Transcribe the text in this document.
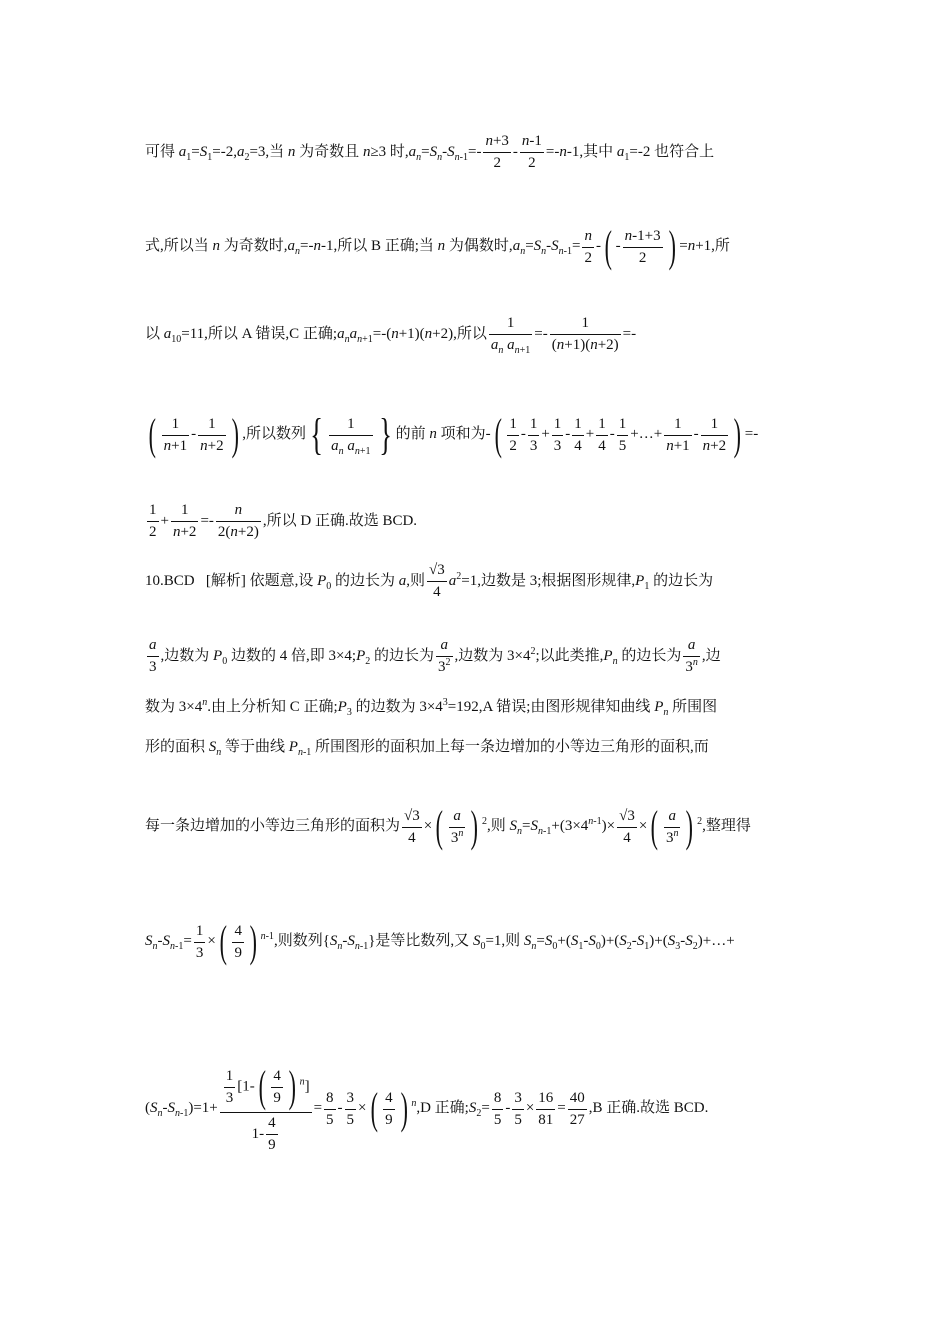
可得 $a_1=S_1=-2,a_2=3$,当 n 为奇数且 n≥3 时$,a_n=S_n-S_{n-1}=- \frac{n+3}{2} - \frac{n-1}{2} =-n-1$,其中 $a_1=-2$ 也符合上
式,所以当 n 为奇数时$,a_n=-n-1$,所以 B 正确;当 n 为偶数时$,a_n=S_n-S_{n-1}= \frac{n}{2}$ -( - $\frac{n-1+3}{2}$ ) =n+1,所
以 $a_{10}=11$,所以 A 错误,C 正确$;a_na_{n+1}=-(n+1)(n+2)$,所以 $\frac{1}{a_n a_{n+1}} =- \frac{1}{(n+1)(n+2)}$ =-
( $\frac{1}{n+1} - \frac{1}{n+2}$ ) ,所以数列{ $\frac{1}{a_n a_{n+1}}$ } 的前 n 项和为-( $\frac{1}{2} - \frac{1}{3} + \frac{1}{3} - \frac{1}{4} + \frac{1}{4} - \frac{1}{5}$ +…+ $\frac{1}{n+1} - \frac{1}{n+2}$ ) =-
$\frac{1}{2} + \frac{1}{n+2} =- \frac{n}{2(n+2)}$ ,所以 D 正确.故选 BCD.
10.BCD   [解析] 依题意,设 $P_0$ 的边长为 a,则 $\frac{√3}{4} a^2=1$,边数是 3;根据图形规律$,P_1$ 的边长为
$\frac{a}{3}$ ,边数为 $P_0$ 边数的 4 倍,即 $3\times 4;P_2$ 的边长为 $\frac{a}{3^2}$ ,边数为 $3\times 4^2$;以此类推$,P_n$ 的边长为 $\frac{a}{3^n}$ ,边
数为 $3\times 4^n$.由上分析知 C 正确$;P_3$ 的边数为 $3\times 4^3=192,A$ 错误;由图形规律知曲线 $P_n$ 所围图
形的面积 $S_n$ 等于曲线 $P_{n-1}$ 所围图形的面积加上每一条边增加的小等边三角形的面积,而
每一条边增加的小等边三角形的面积为 $\frac{√3}{4}$ ×( $\frac{a}{3^n}$ ) $^2$,则 $S_n=S_{n-1}+(3\times 4^{n-1})\times \frac{√3}{4}$ ×( $\frac{a}{3^n}$ ) $^2$,整理得
$S_n-S_{n-1}= \frac{1}{3}$ ×( $\frac{4}{9}$ ) $^{n-1}$,则数列$\{S_n-S_{n-1}\}$是等比数列,又 $S_0=1$,则 $S_n=S_0+(S_1-S_0)+(S_2-S_1)+(S_3-S_2)+\dots+$
$(S_n-S_{n-1})=1+ \frac{\frac{1}{3} [1-( \frac{4}{9} ) ^n]}{1- \frac{4}{9}} = \frac{8}{5} - \frac{3}{5}$ ×( $\frac{4}{9}$ ) $^n$,D 正确$;S_2= \frac{8}{5} - \frac{3}{5} \times \frac{16}{81} = \frac{40}{27} ,B$ 正确.故选 BCD.
